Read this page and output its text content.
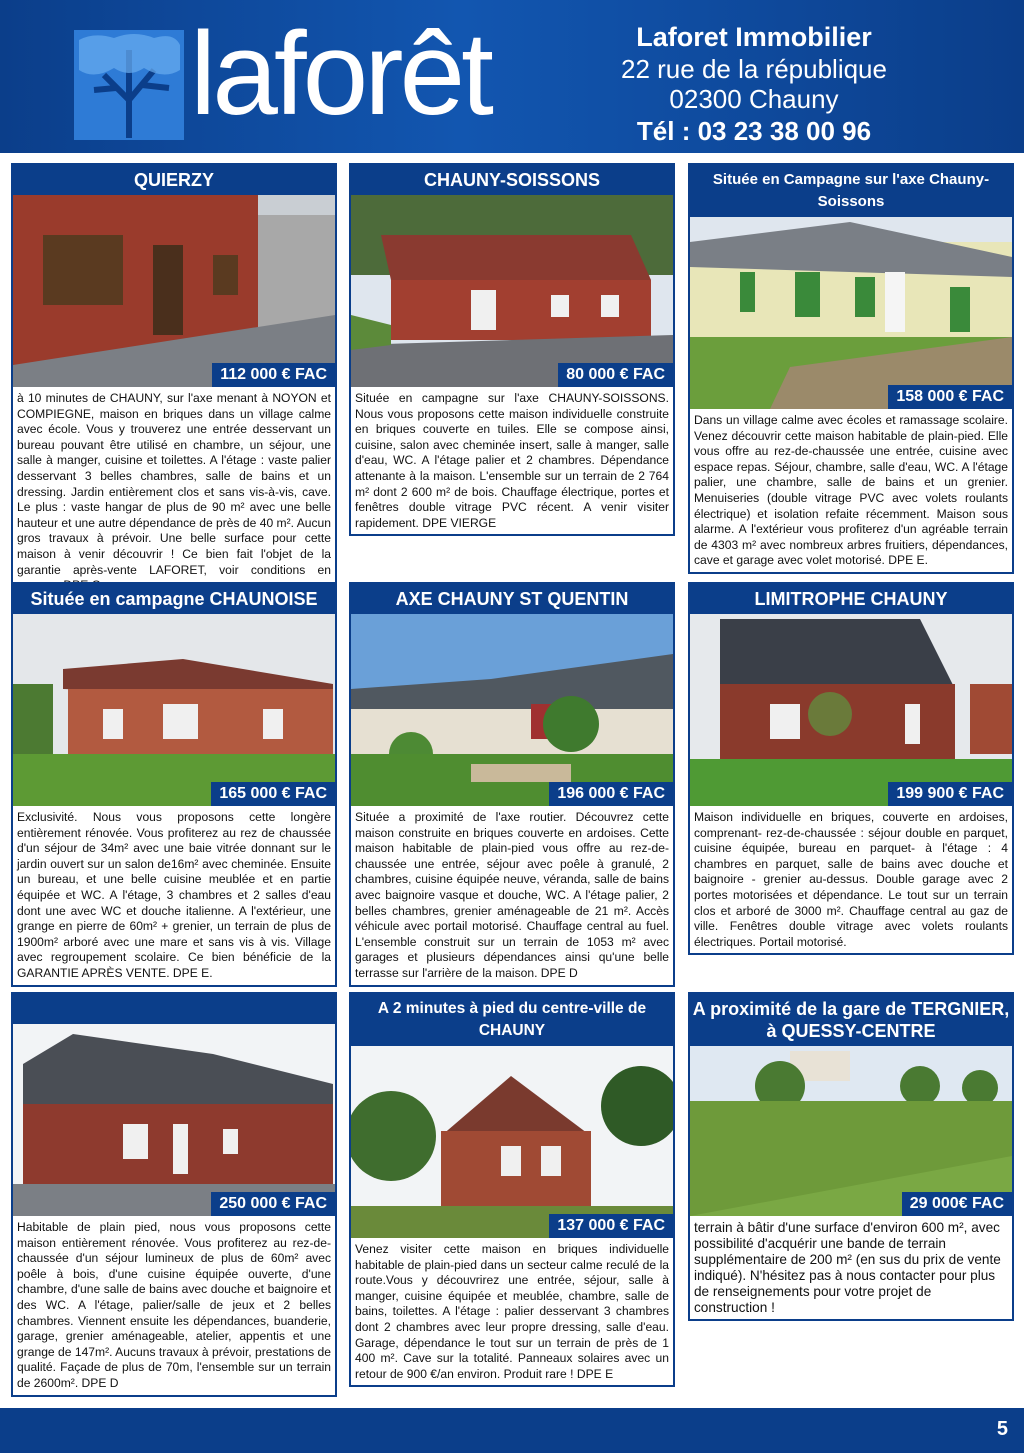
laforêt	Laforet Immobilier
22 rue de la république
02300 Chauny
Tél : 03 23 38 00 96
QUIERZY
112 000 € FAC
à 10 minutes de CHAUNY, sur l'axe menant à NOYON et COMPIEGNE, maison en briques dans un village calme avec école. Vous y trouverez une entrée desservant un bureau pouvant être utilisé en chambre, un séjour, une salle à manger, cuisine et toilettes. A l'étage : vaste palier desservant 3 belles chambres, salle de bains et un dressing. Jardin entièrement clos et sans vis-à-vis, cave. Le plus : vaste hangar de plus de 90 m² avec une belle hauteur et une autre dépendance de près de 40 m². Aucun gros travaux à prévoir. Une belle surface pour cette maison à venir découvrir ! Ce bien fait l'objet de la garantie après-vente LAFORET, voir conditions en
CHAUNY-SOISSONS
80 000 € FAC
Située en campagne sur l'axe CHAUNY-SOISSONS. Nous vous proposons cette maison individuelle construite en briques couverte en tuiles. Elle se compose ainsi, cuisine, salon avec cheminée insert, salle à manger, salle d'eau, WC. A l'étage palier et 2 chambres. Dépendance attenante à la maison. L'ensemble sur un terrain de 2 764 m² dont 2 600 m² de bois. Chauffage électrique, portes et fenêtres double vitrage PVC récent. A venir visiter rapidement. DPE VIERGE
Située en Campagne sur l'axe Chauny-Soissons
158 000 € FAC
Dans un village calme avec écoles et ramassage scolaire. Venez découvrir cette maison habitable de plain-pied. Elle vous offre au rez-de-chaussée une entrée, cuisine avec espace repas. Séjour, chambre, salle d'eau, WC. A l'étage palier, une chambre, salle de bains et un grenier. Menuiseries (double vitrage PVC avec volets roulants électrique) et isolation refaite récemment. Maison sous alarme. A l'extérieur vous profiterez d'un agréable terrain de 4303 m² avec nombreux arbres fruitiers, dépendances, cave et garage avec volet motorisé. DPE E.
Située en campagne CHAUNOISE
165 000 € FAC
Exclusivité. Nous vous proposons cette longère entièrement rénovée. Vous profiterez au rez de chaussée d'un séjour de 34m² avec une baie vitrée donnant sur le jardin ouvert sur un salon de16m² avec cheminée. Ensuite un bureau, et une belle cuisine meublée et en partie équipée et WC. A l'étage, 3 chambres et 2 salles d'eau dont une avec WC et douche italienne. A l'extérieur, une grange en pierre de 60m² + grenier, un terrain de plus de 1900m² arboré avec une mare et sans vis à vis. Village avec regroupement scolaire. Ce bien bénéficie de la GARANTIE APRÈS VENTE. DPE E.
AXE CHAUNY ST QUENTIN
196 000 € FAC
Située a proximité de l'axe routier. Découvrez cette maison construite en briques couverte en ardoises. Cette maison habitable de plain-pied vous offre au rez-de-chaussée une entrée, séjour avec poêle à granulé, 2 chambres, cuisine équipée neuve, véranda, salle de bains avec baignoire vasque et douche, WC. A l'étage palier, 2 belles chambres, grenier aménageable de 21 m². Accès véhicule avec portail motorisé. Chauffage central au fuel. L'ensemble construit sur un terrain de 1053 m² avec garages et plusieurs dépendances ainsi qu'une belle terrasse sur l'arrière de la maison. DPE D
LIMITROPHE CHAUNY
199 900 € FAC
Maison individuelle en briques, couverte en ardoises, comprenant- rez-de-chaussée : séjour double en parquet, cuisine équipée, bureau en parquet- à l'étage : 4 chambres en parquet, salle de bains avec douche et baignoire - grenier au-dessus. Double garage avec 2 portes motorisées et dépendance. Le tout sur un terrain clos et arboré de 3000 m². Chauffage central au gaz de ville. Fenêtres double vitrage avec volets roulants électriques. Portail motorisé.
250 000 € FAC
Habitable de plain pied, nous vous proposons cette maison entièrement rénovée. Vous profiterez au rez-de-chaussée d'un séjour lumineux de plus de 60m² avec poêle à bois, d'une cuisine équipée ouverte, d'une chambre, d'une salle de bains avec douche et baignoire et des WC. A l'étage, palier/salle de jeux et 2 belles chambres. Viennent ensuite les dépendances, buanderie, garage, grenier aménageable, atelier, appentis et une grange de 147m². Aucuns travaux à prévoir, prestations de qualité. Façade de plus de 70m, l'ensemble sur un terrain de 2600m². DPE D
A 2 minutes à pied du centre-ville de CHAUNY
137 000 € FAC
Venez visiter cette maison en briques individuelle habitable de plain-pied dans un secteur calme reculé de la route.Vous y découvrirez une entrée, séjour, salle à manger, cuisine équipée et meublée, chambre, salle de bains, toilettes. A l'étage : palier desservant 3 chambres dont 2 chambres avec leur propre dressing, salle d'eau. Garage, dépendance le tout sur un terrain de près de 1 400 m². Cave sur la totalité. Panneaux solaires avec un retour de 900 €/an environ. Produit rare ! DPE E
A proximité de la gare de TERGNIER, à QUESSY-CENTRE
29 000€ FAC
terrain à bâtir d'une surface d'environ 600 m², avec possibilité d'acquérir une bande de terrain supplémentaire de 200 m² (en sus du prix de vente indiqué). N'hésitez pas à nous contacter pour plus de renseignements pour votre projet de construction !
5
